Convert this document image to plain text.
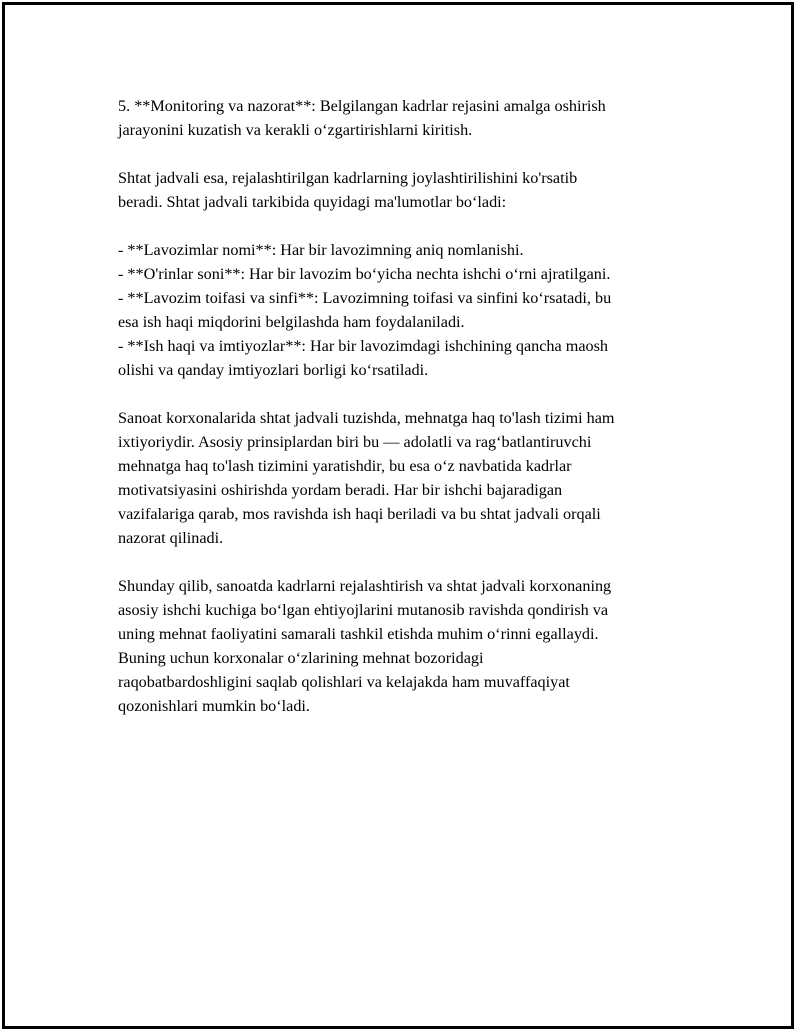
5. **Monitoring va nazorat**: Belgilangan kadrlar rejasini amalga oshirish
jarayonini kuzatish va kerakli oʻzgartirishlarni kiritish.
Shtat jadvali esa, rejalashtirilgan kadrlarning joylashtirilishini ko'rsatib
beradi. Shtat jadvali tarkibida quyidagi ma'lumotlar boʻladi:
- **Lavozimlar nomi**: Har bir lavozimning aniq nomlanishi.
- **O'rinlar soni**: Har bir lavozim boʻyicha nechta ishchi oʻrni ajratilgani.
- **Lavozim toifasi va sinfi**: Lavozimning toifasi va sinfini koʻrsatadi, bu
esa ish haqi miqdorini belgilashda ham foydalaniladi.
- **Ish haqi va imtiyozlar**: Har bir lavozimdagi ishchining qancha maosh
olishi va qanday imtiyozlari borligi koʻrsatiladi.
Sanoat korxonalarida shtat jadvali tuzishda, mehnatga haq to'lash tizimi ham
ixtiyoriydir. Asosiy prinsiplardan biri bu — adolatli va ragʻbatlantiruvchi
mehnatga haq to'lash tizimini yaratishdir, bu esa oʻz navbatida kadrlar
motivatsiyasini oshirishda yordam beradi. Har bir ishchi bajaradigan
vazifalariga qarab, mos ravishda ish haqi beriladi va bu shtat jadvali orqali
nazorat qilinadi.
Shunday qilib, sanoatda kadrlarni rejalashtirish va shtat jadvali korxonaning
asosiy ishchi kuchiga boʻlgan ehtiyojlarini mutanosib ravishda qondirish va
uning mehnat faoliyatini samarali tashkil etishda muhim oʻrinni egallaydi.
Buning uchun korxonalar oʻzlarining mehnat bozoridagi
raqobatbardoshligini saqlab qolishlari va kelajakda ham muvaffaqiyat
qozonishlari mumkin boʻladi.
